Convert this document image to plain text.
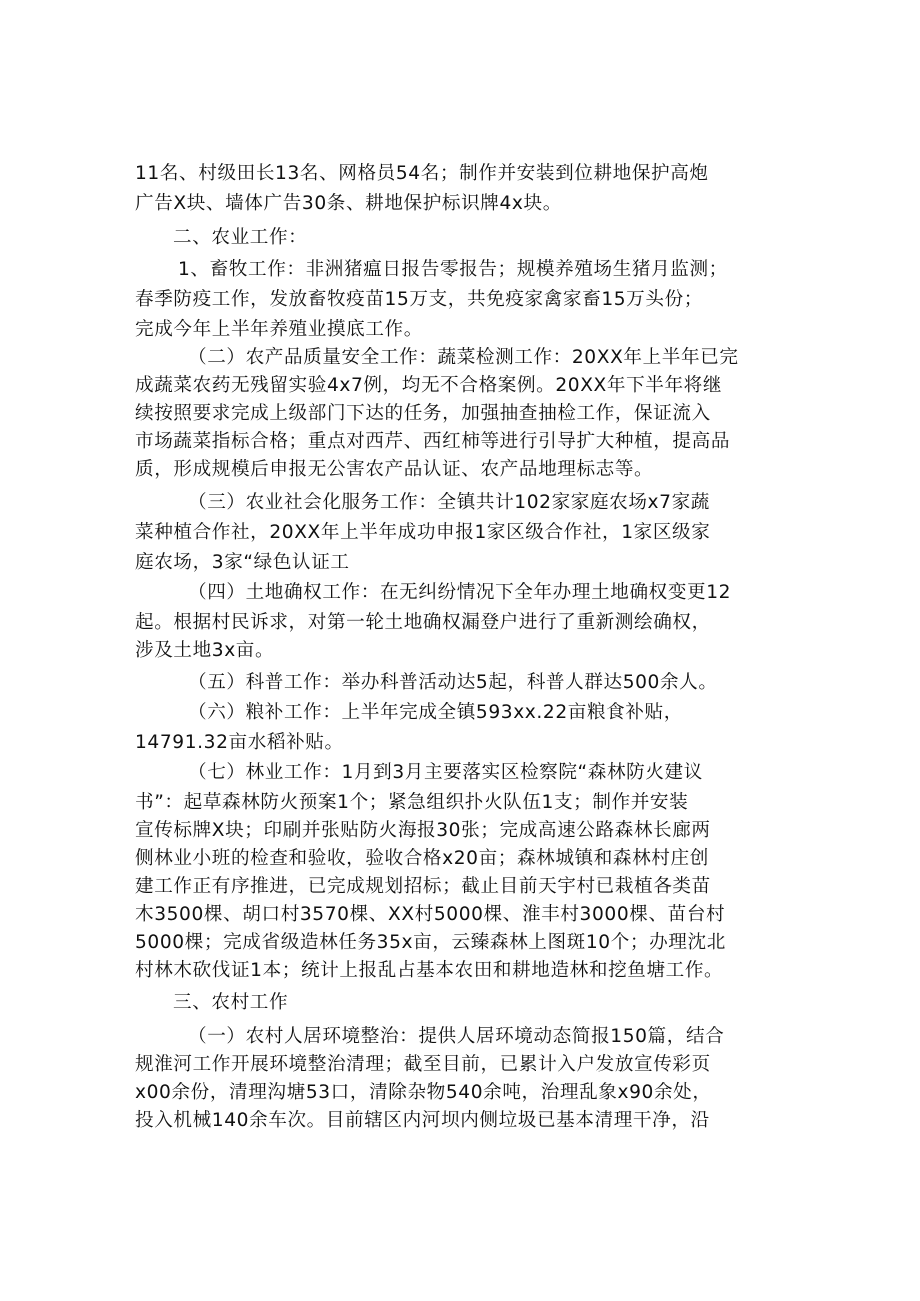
11名、村级田长13名、网格员54名；制作并安装到位耕地保护高炮
广告X块、墙体广告30条、耕地保护标识牌4x块。
二、农业工作：
1、畜牧工作：非洲猪瘟日报告零报告；规模养殖场生猪月监测；
春季防疫工作，发放畜牧疫苗15万支，共免疫家禽家畜15万头份；
完成今年上半年养殖业摸底工作。
（二）农产品质量安全工作：蔬菜检测工作：20XX年上半年已完
成蔬菜农药无残留实验4x7例，均无不合格案例。20XX年下半年将继
续按照要求完成上级部门下达的任务，加强抽查抽检工作，保证流入
市场蔬菜指标合格；重点对西芹、西红柿等进行引导扩大种植，提高品
质，形成规模后申报无公害农产品认证、农产品地理标志等。
（三）农业社会化服务工作：全镇共计102家家庭农场x7家蔬
菜种植合作社，20XX年上半年成功申报1家区级合作社，1家区级家
庭农场，3家“绿色认证工
（四）土地确权工作：在无纠纷情况下全年办理土地确权变更12
起。根据村民诉求，对第一轮土地确权漏登户进行了重新测绘确权，
涉及土地3x亩。
（五）科普工作：举办科普活动达5起，科普人群达500余人。
（六）粮补工作：上半年完成全镇593xx.22亩粮食补贴，
14791.32亩水稻补贴。
（七）林业工作：1月到3月主要落实区检察院“森林防火建议
书”：起草森林防火预案1个；紧急组织扑火队伍1支；制作并安装
宣传标牌X块；印刷并张贴防火海报30张；完成高速公路森林长廊两
侧林业小班的检查和验收，验收合格x20亩；森林城镇和森林村庄创
建工作正有序推进，已完成规划招标；截止目前天宇村已栽植各类苗
木3500棵、胡口村3570棵、XX村5000棵、淮丰村3000棵、苗台村
5000棵；完成省级造林任务35x亩，云臻森林上图斑10个；办理沈北
村林木砍伐证1本；统计上报乱占基本农田和耕地造林和挖鱼塘工作。
三、农村工作
（一）农村人居环境整治：提供人居环境动态简报150篇，结合
规淮河工作开展环境整治清理；截至目前，已累计入户发放宣传彩页
x00余份，清理沟塘53口，清除杂物540余吨，治理乱象x90余处，
投入机械140余车次。目前辖区内河坝内侧垃圾已基本清理干净，沿
